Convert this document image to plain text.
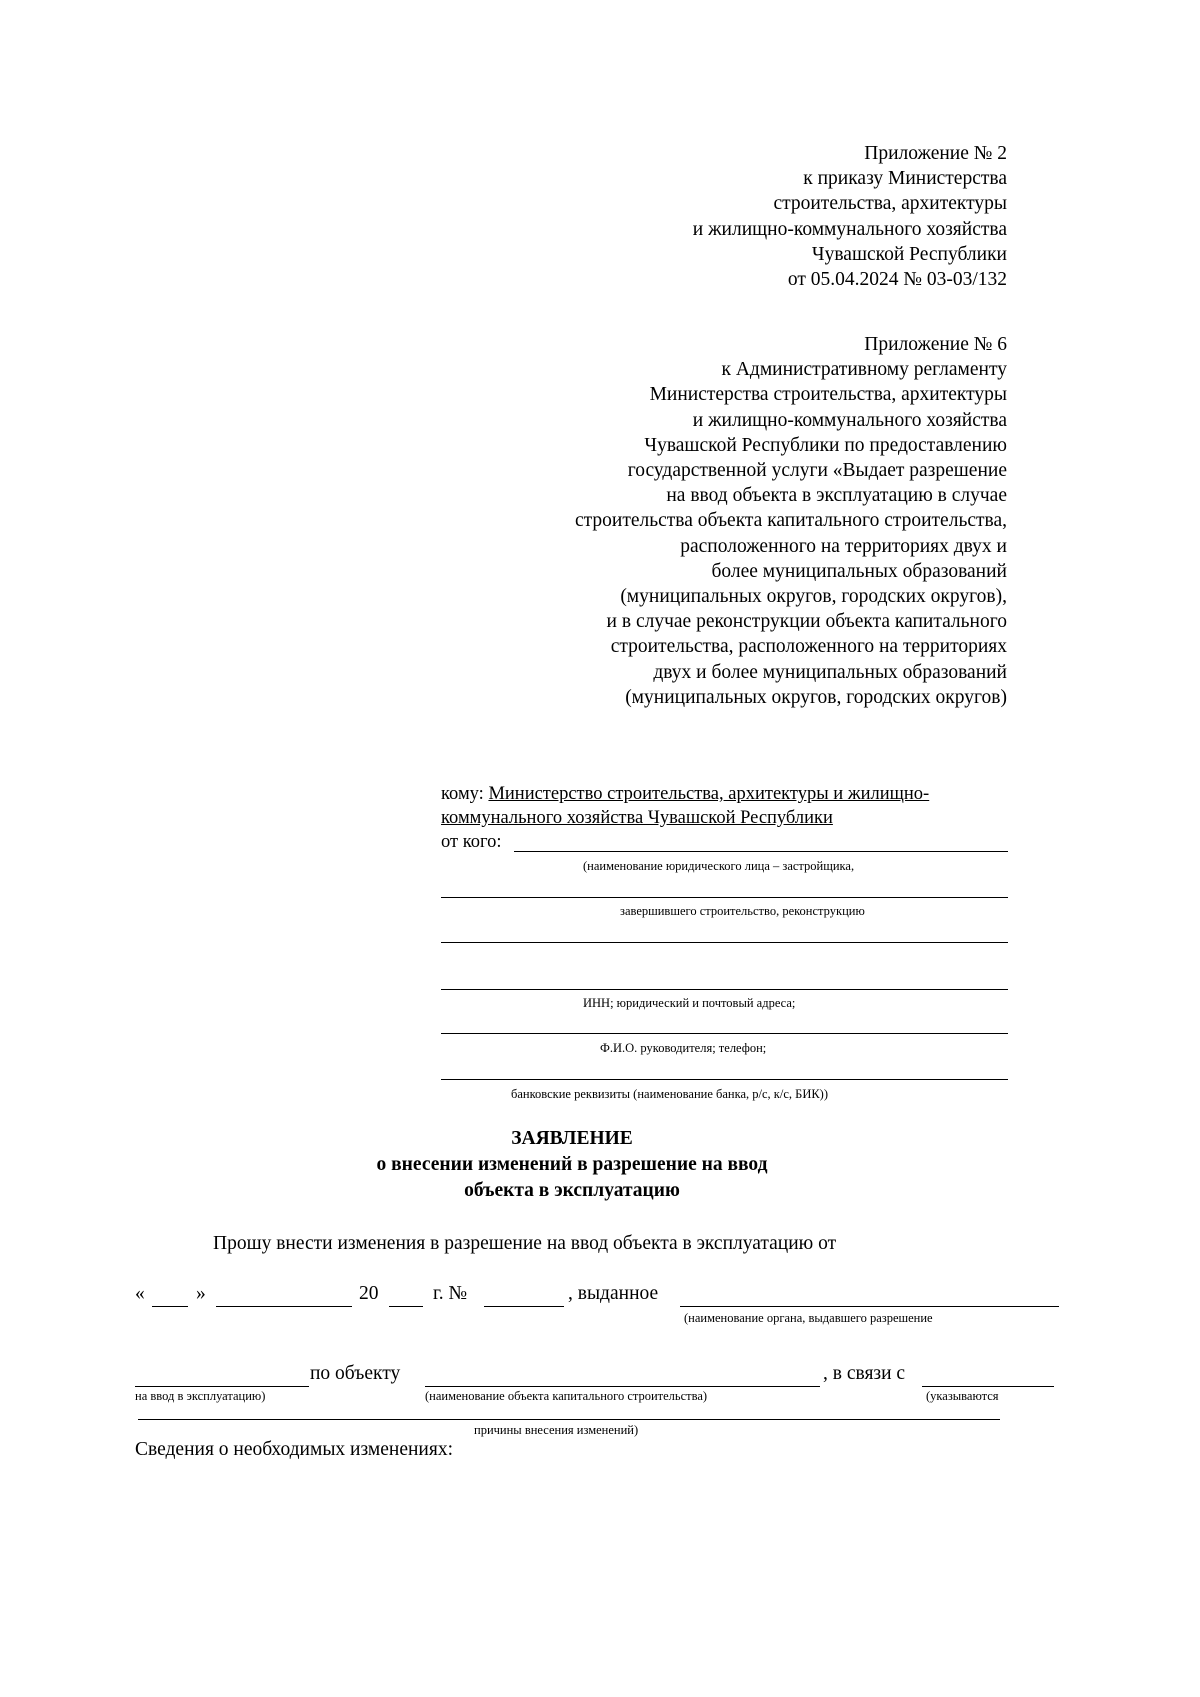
Приложение № 2
к приказу Министерства
строительства, архитектуры
и жилищно-коммунального хозяйства
Чувашской Республики
от 05.04.2024 № 03-03/132
Приложение № 6
к Административному регламенту
Министерства строительства, архитектуры
и жилищно-коммунального хозяйства
Чувашской Республики по предоставлению
государственной услуги «Выдает разрешение
на ввод объекта в эксплуатацию в случае
строительства объекта капитального строительства,
расположенного на территориях двух и
более муниципальных образований
(муниципальных округов, городских округов),
и в случае реконструкции объекта капитального
строительства, расположенного на территориях
двух и более муниципальных образований
(муниципальных округов, городских округов)
кому: Министерство строительства, архитектуры и жилищно-
коммунального хозяйства Чувашской Республики
от кого:
(наименование юридического лица – застройщика,
завершившего строительство, реконструкцию
ИНН; юридический и почтовый адреса;
Ф.И.О. руководителя; телефон;
банковские реквизиты (наименование банка, р/с, к/с, БИК))
ЗАЯВЛЕНИЕ
о внесении изменений в разрешение на ввод
объекта в эксплуатацию
Прошу внести изменения в разрешение на ввод объекта в эксплуатацию от
«	»	20	г. №	, выданное
(наименование органа, выдавшего разрешение
по объекту	, в связи с
на ввод в эксплуатацию)	(наименование объекта капитального строительства)	(указываются
причины внесения изменений)
Сведения о необходимых изменениях:
